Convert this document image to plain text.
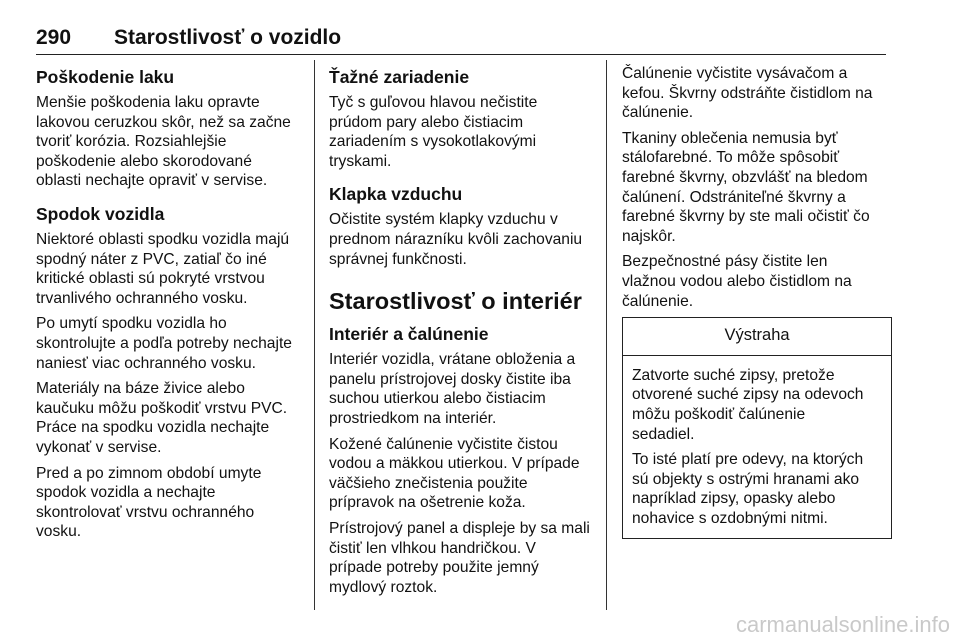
290 Starostlivosť o vozidlo
Poškodenie laku

Menšie poškodenia laku opravte
lakovou ceruzkou skôr, než sa začne
tvoriť korózia. Rozsiahlejšie
poškodenie alebo skorodované
oblasti nechajte opraviť v servise.

Spodok vozidla

Niektoré oblasti spodku vozidla majú
spodný náter z PVC, zatiaľ čo iné
kritické oblasti sú pokryté vrstvou
trvanlivého ochranného vosku.

Po umytí spodku vozidla ho
skontrolujte a podľa potreby nechajte
naniesť viac ochranného vosku.

Materiály na báze živice alebo
kaučuku môžu poškodiť vrstvu PVC.
Práce na spodku vozidla nechajte
vykonať v servise.

Pred a po zimnom období umyte
spodok vozidla a nechajte
skontrolovať vrstvu ochranného
vosku.

Ťažné zariadenie

Tyč s guľovou hlavou nečistite
prúdom pary alebo čistiacim
zariadením s vysokotlakovými
tryskami.

Klapka vzduchu

Očistite systém klapky vzduchu v
prednom nárazníku kvôli zachovaniu
správnej funkčnosti.

Starostlivosť o interiér
Interiér a čalúnenie

Interiér vozidla, vrátane obloženia a
panelu prístrojovej dosky čistite iba
suchou utierkou alebo čistiacim
prostriedkom na interiér.

Kožené čalúnenie vyčistite čistou
vodou a mäkkou utierkou. V prípade
väčšieho znečistenia použite
prípravok na ošetrenie koža.

Prístrojový panel a displeje by sa mali
čistiť len vlhkou handričkou. V
prípade potreby použite jemný
mydlový roztok.

Čalúnenie vyčistite vysávačom a
kefou. Škvrny odstráňte čistidlom na
čalúnenie.

Tkaniny oblečenia nemusia byť
stálofarebné. To môže spôsobiť
farebné škvrny, obzvlášť na bledom
čalúnení. Odstrániteľné škvrny a
farebné škvrny by ste mali očistiť čo
najskôr.

Bezpečnostné pásy čistite len
vlažnou vodou alebo čistidlom na
čalúnenie.

Výstraha

Zatvorte suché zipsy, pretože
otvorené suché zipsy na odevoch
môžu poškodiť čalúnenie
sedadiel.

To isté platí pre odevy, na ktorých
sú objekty s ostrými hranami ako
napríklad zipsy, opasky alebo
nohavice s ozdobnými nitmi.

carmanualsonline.info
